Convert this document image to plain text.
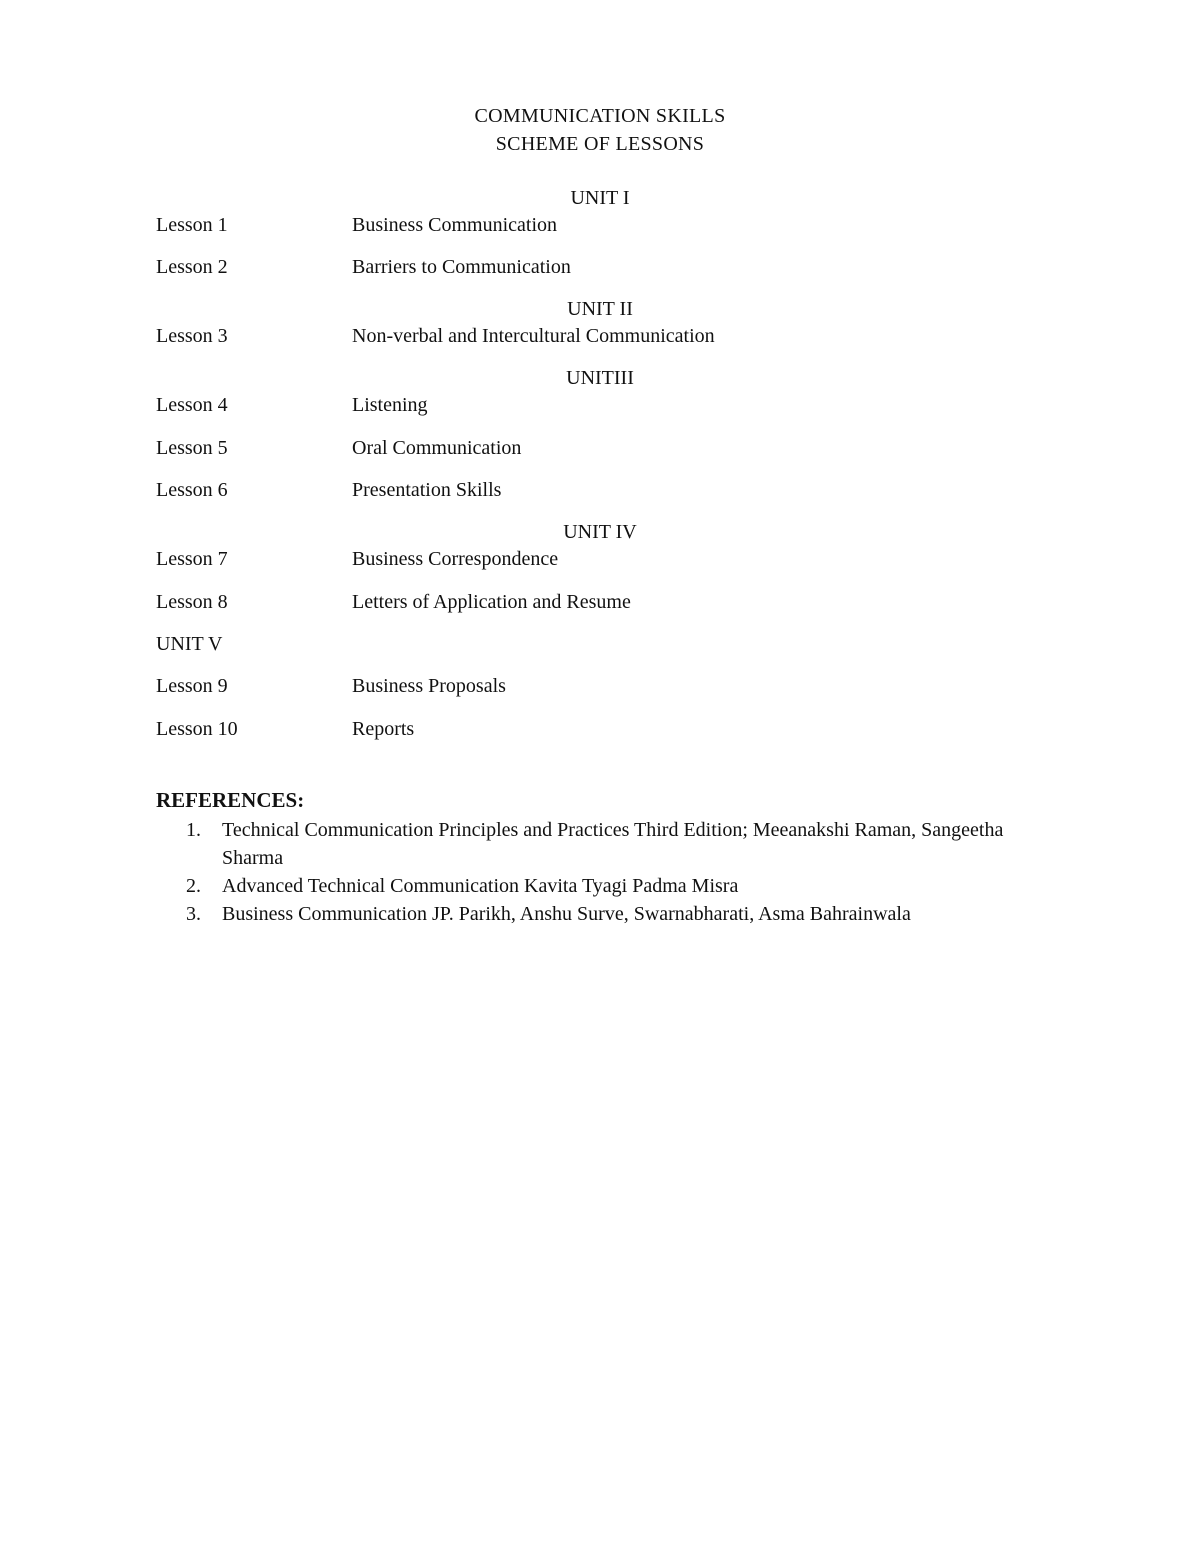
COMMUNICATION SKILLS
SCHEME OF LESSONS
UNIT I
Lesson 1	Business Communication
Lesson 2	Barriers to Communication
UNIT II
Lesson 3	Non-verbal and Intercultural Communication
UNITIII
Lesson 4	Listening
Lesson 5	Oral Communication
Lesson 6	Presentation Skills
UNIT IV
Lesson 7	Business Correspondence
Lesson 8	Letters of Application and Resume
UNIT V
Lesson 9	Business Proposals
Lesson 10	Reports
REFERENCES:
1. Technical Communication Principles and Practices Third Edition; Meeanakshi Raman, Sangeetha Sharma
2. Advanced Technical Communication Kavita Tyagi Padma Misra
3. Business Communication JP. Parikh, Anshu Surve, Swarnabharati, Asma Bahrainwala
